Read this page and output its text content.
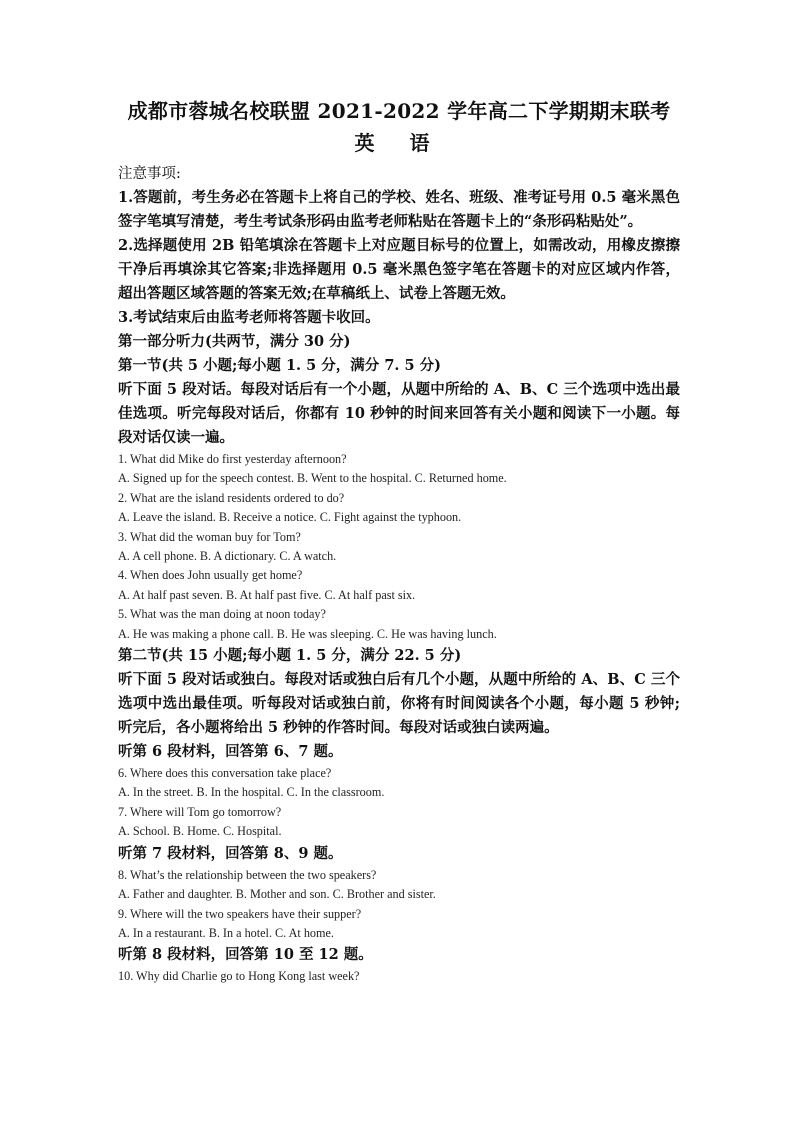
成都市蓉城名校联盟 2021-2022 学年高二下学期期末联考

英 语

注意事项:

1.答题前，考生务必在答题卡上将自己的学校、姓名、班级、准考证号用 0.5 毫米黑色签字笔填写清楚，考生考试条形码由监考老师粘贴在答题卡上的“条形码粘贴处”。

2.选择题使用 2B 铅笔填涂在答题卡上对应题目标号的位置上，如需改动，用橡皮擦擦干净后再填涂其它答案;非选择题用 0.5 毫米黑色签字笔在答题卡的对应区域内作答，超出答题区域答题的答案无效;在草稿纸上、试卷上答题无效。

3.考试结束后由监考老师将答题卡收回。

第一部分听力(共两节，满分 30 分)

第一节(共 5 小题;每小题 1. 5 分，满分 7. 5 分)

听下面 5 段对话。每段对话后有一个小题，从题中所给的 A、B、C 三个选项中选出最佳选项。听完每段对话后，你都有 10 秒钟的时间来回答有关小题和阅读下一小题。每段对话仅读一遍。

1. What did Mike do first yesterday afternoon?

A. Signed up for the speech contest. B. Went to the hospital. C. Returned home.

2. What are the island residents ordered to do?

A. Leave the island. B. Receive a notice. C. Fight against the typhoon.

3. What did the woman buy for Tom?

A. A cell phone. B. A dictionary. C. A watch.

4. When does John usually get home?

A. At half past seven. B. At half past five. C. At half past six.

5. What was the man doing at noon today?

A. He was making a phone call. B. He was sleeping. C. He was having lunch.

第二节(共 15 小题;每小题 1. 5 分，满分 22. 5 分)

听下面 5 段对话或独白。每段对话或独白后有几个小题，从题中所给的 A、B、C 三个选项中选出最佳项。听每段对话或独白前，你将有时间阅读各个小题，每小题 5 秒钟;听完后，各小题将给出 5 秒钟的作答时间。每段对话或独白读两遍。

听第 6 段材料，回答第 6、7 题。

6. Where does this conversation take place?

A. In the street. B. In the hospital. C. In the classroom.

7. Where will Tom go tomorrow?

A. School. B. Home. C. Hospital.

听第 7 段材料，回答第 8、9 题。

8. What’s the relationship between the two speakers?

A. Father and daughter. B. Mother and son. C. Brother and sister.

9. Where will the two speakers have their supper?

A. In a restaurant. B. In a hotel. C. At home.

听第 8 段材料，回答第 10 至 12 题。

10. Why did Charlie go to Hong Kong last week?
